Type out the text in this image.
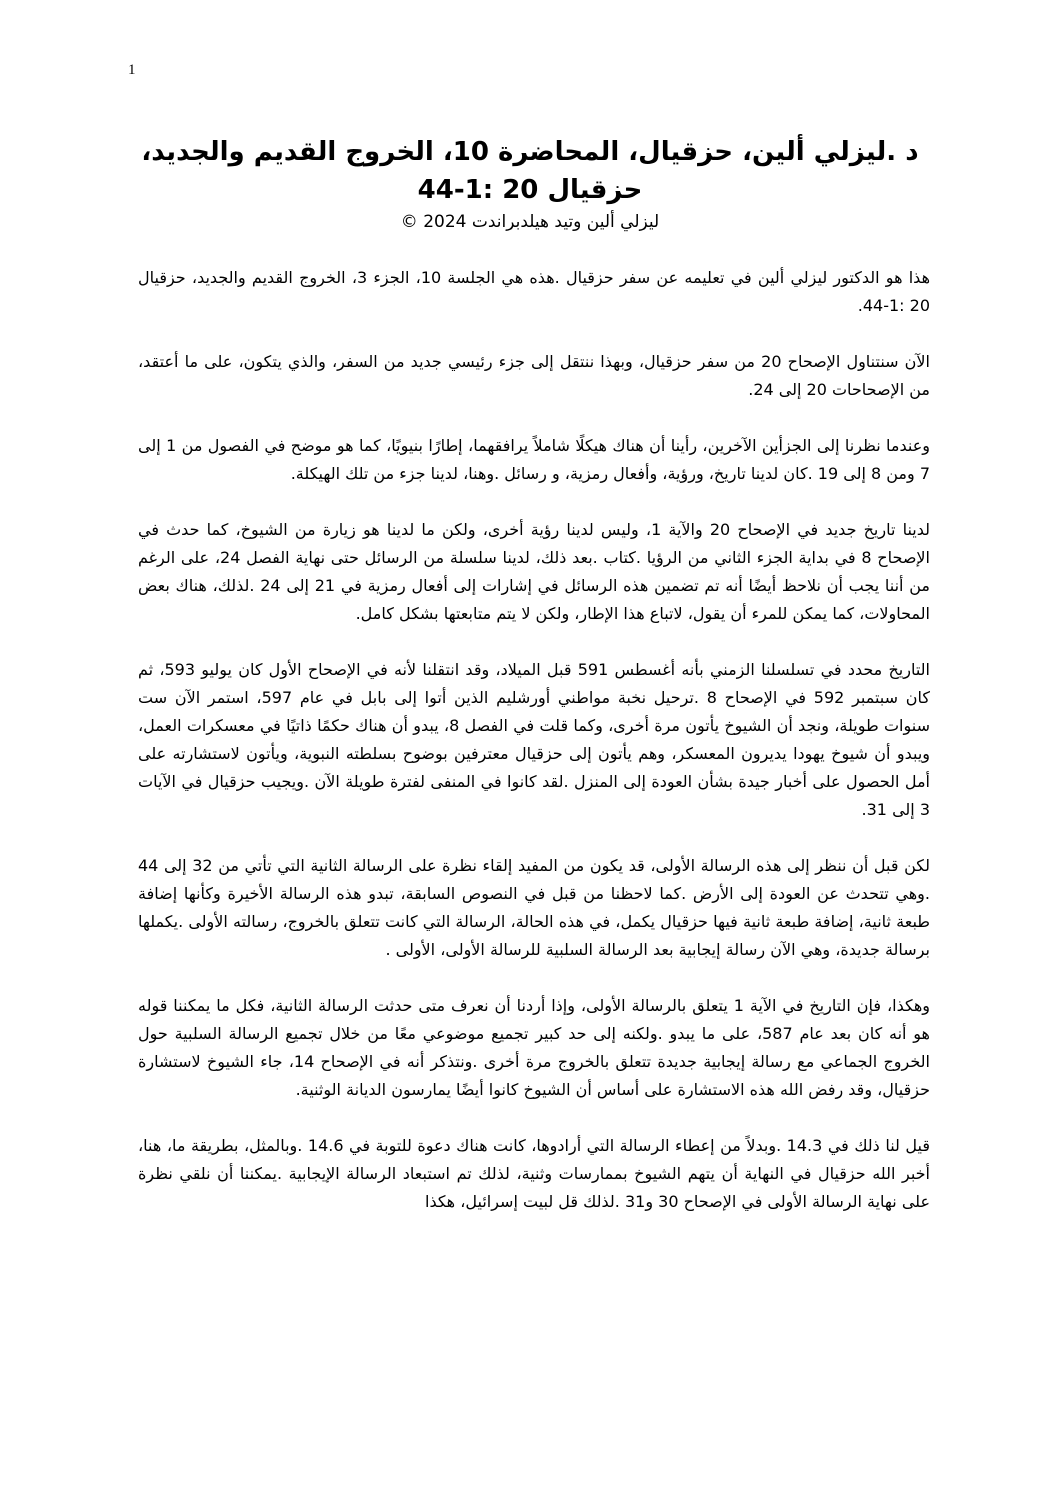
1
د .ليزلي ألين، حزقيال، المحاضرة 10، الخروج القديم والجديد، حزقيال 20 :1-44
ليزلي ألين وتيد هيلدبراندت 2024 ©

هذا هو الدكتور ليزلي ألين في تعليمه عن سفر حزقيال .هذه هي الجلسة 10، الجزء 3، الخروج القديم والجديد، حزقيال 20 :1-44.

الآن سنتناول الإصحاح 20 من سفر حزقيال، وبهذا ننتقل إلى جزء رئيسي جديد من السفر، والذي يتكون، على ما أعتقد، من الإصحاحات 20 إلى 24.

وعندما نظرنا إلى الجزأين الآخرين، رأينا أن هناك هيكلًا شاملاً يرافقهما، إطارًا بنيويًا، كما هو موضح في الفصول من 1 إلى 7 ومن 8 إلى 19 .كان لدينا تاريخ، ورؤية، وأفعال رمزية، و رسائل .وهنا، لدينا جزء من تلك الهيكلة.

لدينا تاريخ جديد في الإصحاح 20 والآية 1، وليس لدينا رؤية أخرى، ولكن ما لدينا هو زيارة من الشيوخ، كما حدث في الإصحاح 8 في بداية الجزء الثاني من الرؤيا .كتاب .بعد ذلك، لدينا سلسلة من الرسائل حتى نهاية الفصل 24، على الرغم من أننا يجب أن نلاحظ أيضًا أنه تم تضمين هذه الرسائل في إشارات إلى أفعال رمزية في 21 إلى 24 .لذلك، هناك بعض المحاولات، كما يمكن للمرء أن يقول، لاتباع هذا الإطار، ولكن لا يتم متابعتها بشكل كامل.

التاريخ محدد في تسلسلنا الزمني بأنه أغسطس 591 قبل الميلاد، وقد انتقلنا لأنه في الإصحاح الأول كان يوليو 593، ثم كان سبتمبر 592 في الإصحاح 8 .ترحيل نخبة مواطني أورشليم الذين أتوا إلى بابل في عام 597، استمر الآن ست سنوات طويلة، ونجد أن الشيوخ يأتون مرة أخرى، وكما قلت في الفصل 8، يبدو أن هناك حكمًا ذاتيًا في معسكرات العمل، ويبدو أن شيوخ يهودا يديرون المعسكر، وهم يأتون إلى حزقيال معترفين بوضوح بسلطته النبوية، ويأتون لاستشارته على أمل الحصول على أخبار جيدة بشأن العودة إلى المنزل .لقد كانوا في المنفى لفترة طويلة الآن .ويجيب حزقيال في الآيات 3 إلى 31.

لكن قبل أن ننظر إلى هذه الرسالة الأولى، قد يكون من المفيد إلقاء نظرة على الرسالة الثانية التي تأتي من 32 إلى 44 .وهي تتحدث عن العودة إلى الأرض .كما لاحظنا من قبل في النصوص السابقة، تبدو هذه الرسالة الأخيرة وكأنها إضافة طبعة ثانية، إضافة طبعة ثانية فيها حزقيال يكمل، في هذه الحالة، الرسالة التي كانت تتعلق بالخروج، رسالته الأولى .يكملها برسالة جديدة، وهي الآن رسالة إيجابية بعد الرسالة السلبية للرسالة الأولى، الأولى .

وهكذا، فإن التاريخ في الآية 1 يتعلق بالرسالة الأولى، وإذا أردنا أن نعرف متى حدثت الرسالة الثانية، فكل ما يمكننا قوله هو أنه كان بعد عام 587، على ما يبدو .ولكنه إلى حد كبير تجميع موضوعي معًا من خلال تجميع الرسالة السلبية حول الخروج الجماعي مع رسالة إيجابية جديدة تتعلق بالخروج مرة أخرى .ونتذكر أنه في الإصحاح 14، جاء الشيوخ لاستشارة حزقيال، وقد رفض الله هذه الاستشارة على أساس أن الشيوخ كانوا أيضًا يمارسون الديانة الوثنية.

قيل لنا ذلك في 14.3 .وبدلاً من إعطاء الرسالة التي أرادوها، كانت هناك دعوة للتوبة في 14.6 .وبالمثل، بطريقة ما، هنا، أخبر الله حزقيال في النهاية أن يتهم الشيوخ بممارسات وثنية، لذلك تم استبعاد الرسالة الإيجابية .يمكننا أن نلقي نظرة على نهاية الرسالة الأولى في الإصحاح 30 و31 .لذلك قل لبيت إسرائيل، هكذا
